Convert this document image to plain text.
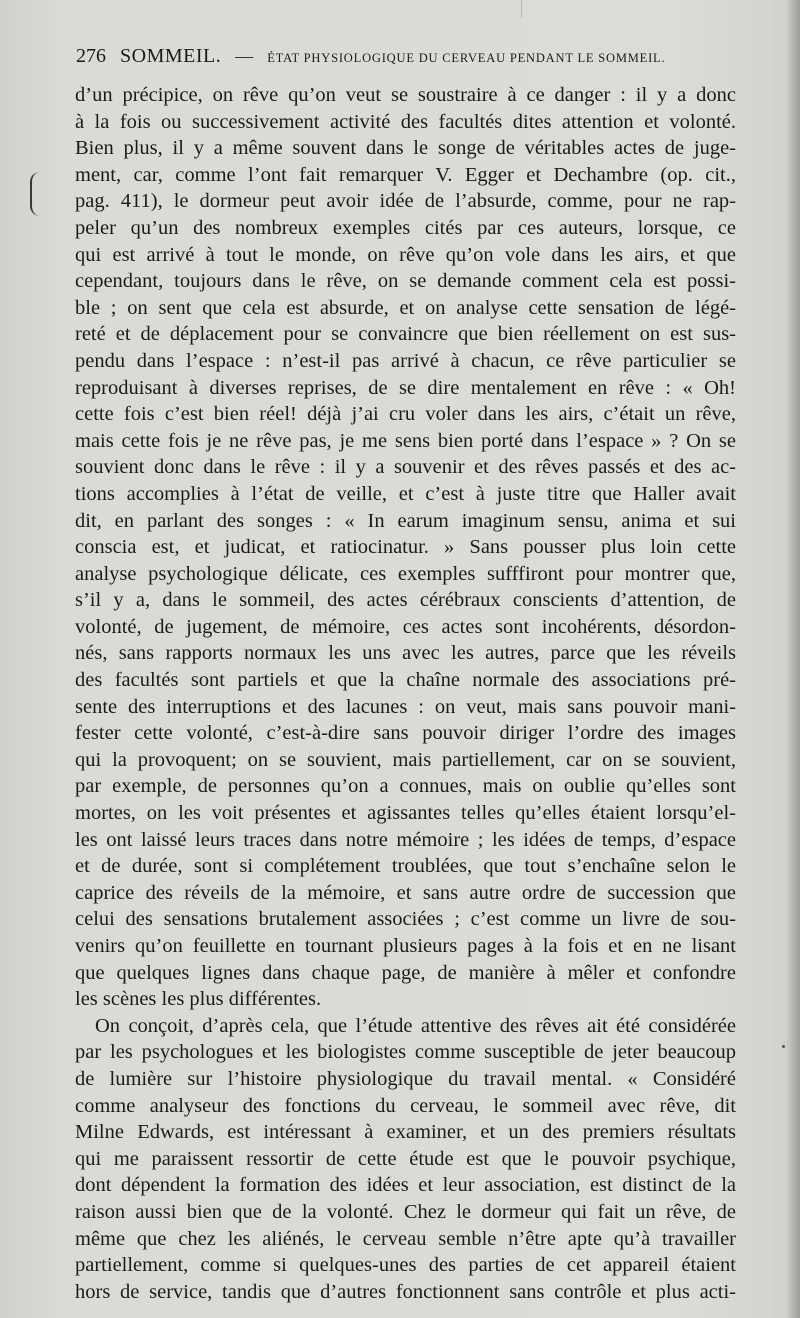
276 SOMMEIL. — ÉTAT PHYSIOLOGIQUE DU CERVEAU PENDANT LE SOMMEIL.
d’un précipice, on rêve qu’on veut se soustraire à ce danger : il y a donc
à la fois ou successivement activité des facultés dites attention et volonté.
Bien plus, il y a même souvent dans le songe de véritables actes de juge-
ment, car, comme l’ont fait remarquer V. Egger et Dechambre (op. cit.,
pag. 411), le dormeur peut avoir idée de l’absurde, comme, pour ne rap-
peler qu’un des nombreux exemples cités par ces auteurs, lorsque, ce
qui est arrivé à tout le monde, on rêve qu’on vole dans les airs, et que
cependant, toujours dans le rêve, on se demande comment cela est possi-
ble ; on sent que cela est absurde, et on analyse cette sensation de légé-
reté et de déplacement pour se convaincre que bien réellement on est sus-
pendu dans l’espace : n’est-il pas arrivé à chacun, ce rêve particulier se
reproduisant à diverses reprises, de se dire mentalement en rêve : « Oh!
cette fois c’est bien réel! déjà j’ai cru voler dans les airs, c’était un rêve,
mais cette fois je ne rêve pas, je me sens bien porté dans l’espace » ? On se
souvient donc dans le rêve : il y a souvenir et des rêves passés et des ac-
tions accomplies à l’état de veille, et c’est à juste titre que Haller avait
dit, en parlant des songes : « In earum imaginum sensu, anima et sui
conscia est, et judicat, et ratiocinatur. » Sans pousser plus loin cette
analyse psychologique délicate, ces exemples sufffiront pour montrer que,
s’il y a, dans le sommeil, des actes cérébraux conscients d’attention, de
volonté, de jugement, de mémoire, ces actes sont incohérents, désordon-
nés, sans rapports normaux les uns avec les autres, parce que les réveils
des facultés sont partiels et que la chaîne normale des associations pré-
sente des interruptions et des lacunes : on veut, mais sans pouvoir mani-
fester cette volonté, c’est-à-dire sans pouvoir diriger l’ordre des images
qui la provoquent; on se souvient, mais partiellement, car on se souvient,
par exemple, de personnes qu’on a connues, mais on oublie qu’elles sont
mortes, on les voit présentes et agissantes telles qu’elles étaient lorsqu’el-
les ont laissé leurs traces dans notre mémoire ; les idées de temps, d’espace
et de durée, sont si complétement troublées, que tout s’enchaîne selon le
caprice des réveils de la mémoire, et sans autre ordre de succession que
celui des sensations brutalement associées ; c’est comme un livre de sou-
venirs qu’on feuillette en tournant plusieurs pages à la fois et en ne lisant
que quelques lignes dans chaque page, de manière à mêler et confondre
les scènes les plus différentes.
On conçoit, d’après cela, que l’étude attentive des rêves ait été considérée
par les psychologues et les biologistes comme susceptible de jeter beaucoup
de lumière sur l’histoire physiologique du travail mental. « Considéré
comme analyseur des fonctions du cerveau, le sommeil avec rêve, dit
Milne Edwards, est intéressant à examiner, et un des premiers résultats
qui me paraissent ressortir de cette étude est que le pouvoir psychique,
dont dépendent la formation des idées et leur association, est distinct de la
raison aussi bien que de la volonté. Chez le dormeur qui fait un rêve, de
même que chez les aliénés, le cerveau semble n’être apte qu’à travailler
partiellement, comme si quelques-unes des parties de cet appareil étaient
hors de service, tandis que d’autres fonctionnent sans contrôle et plus acti-
